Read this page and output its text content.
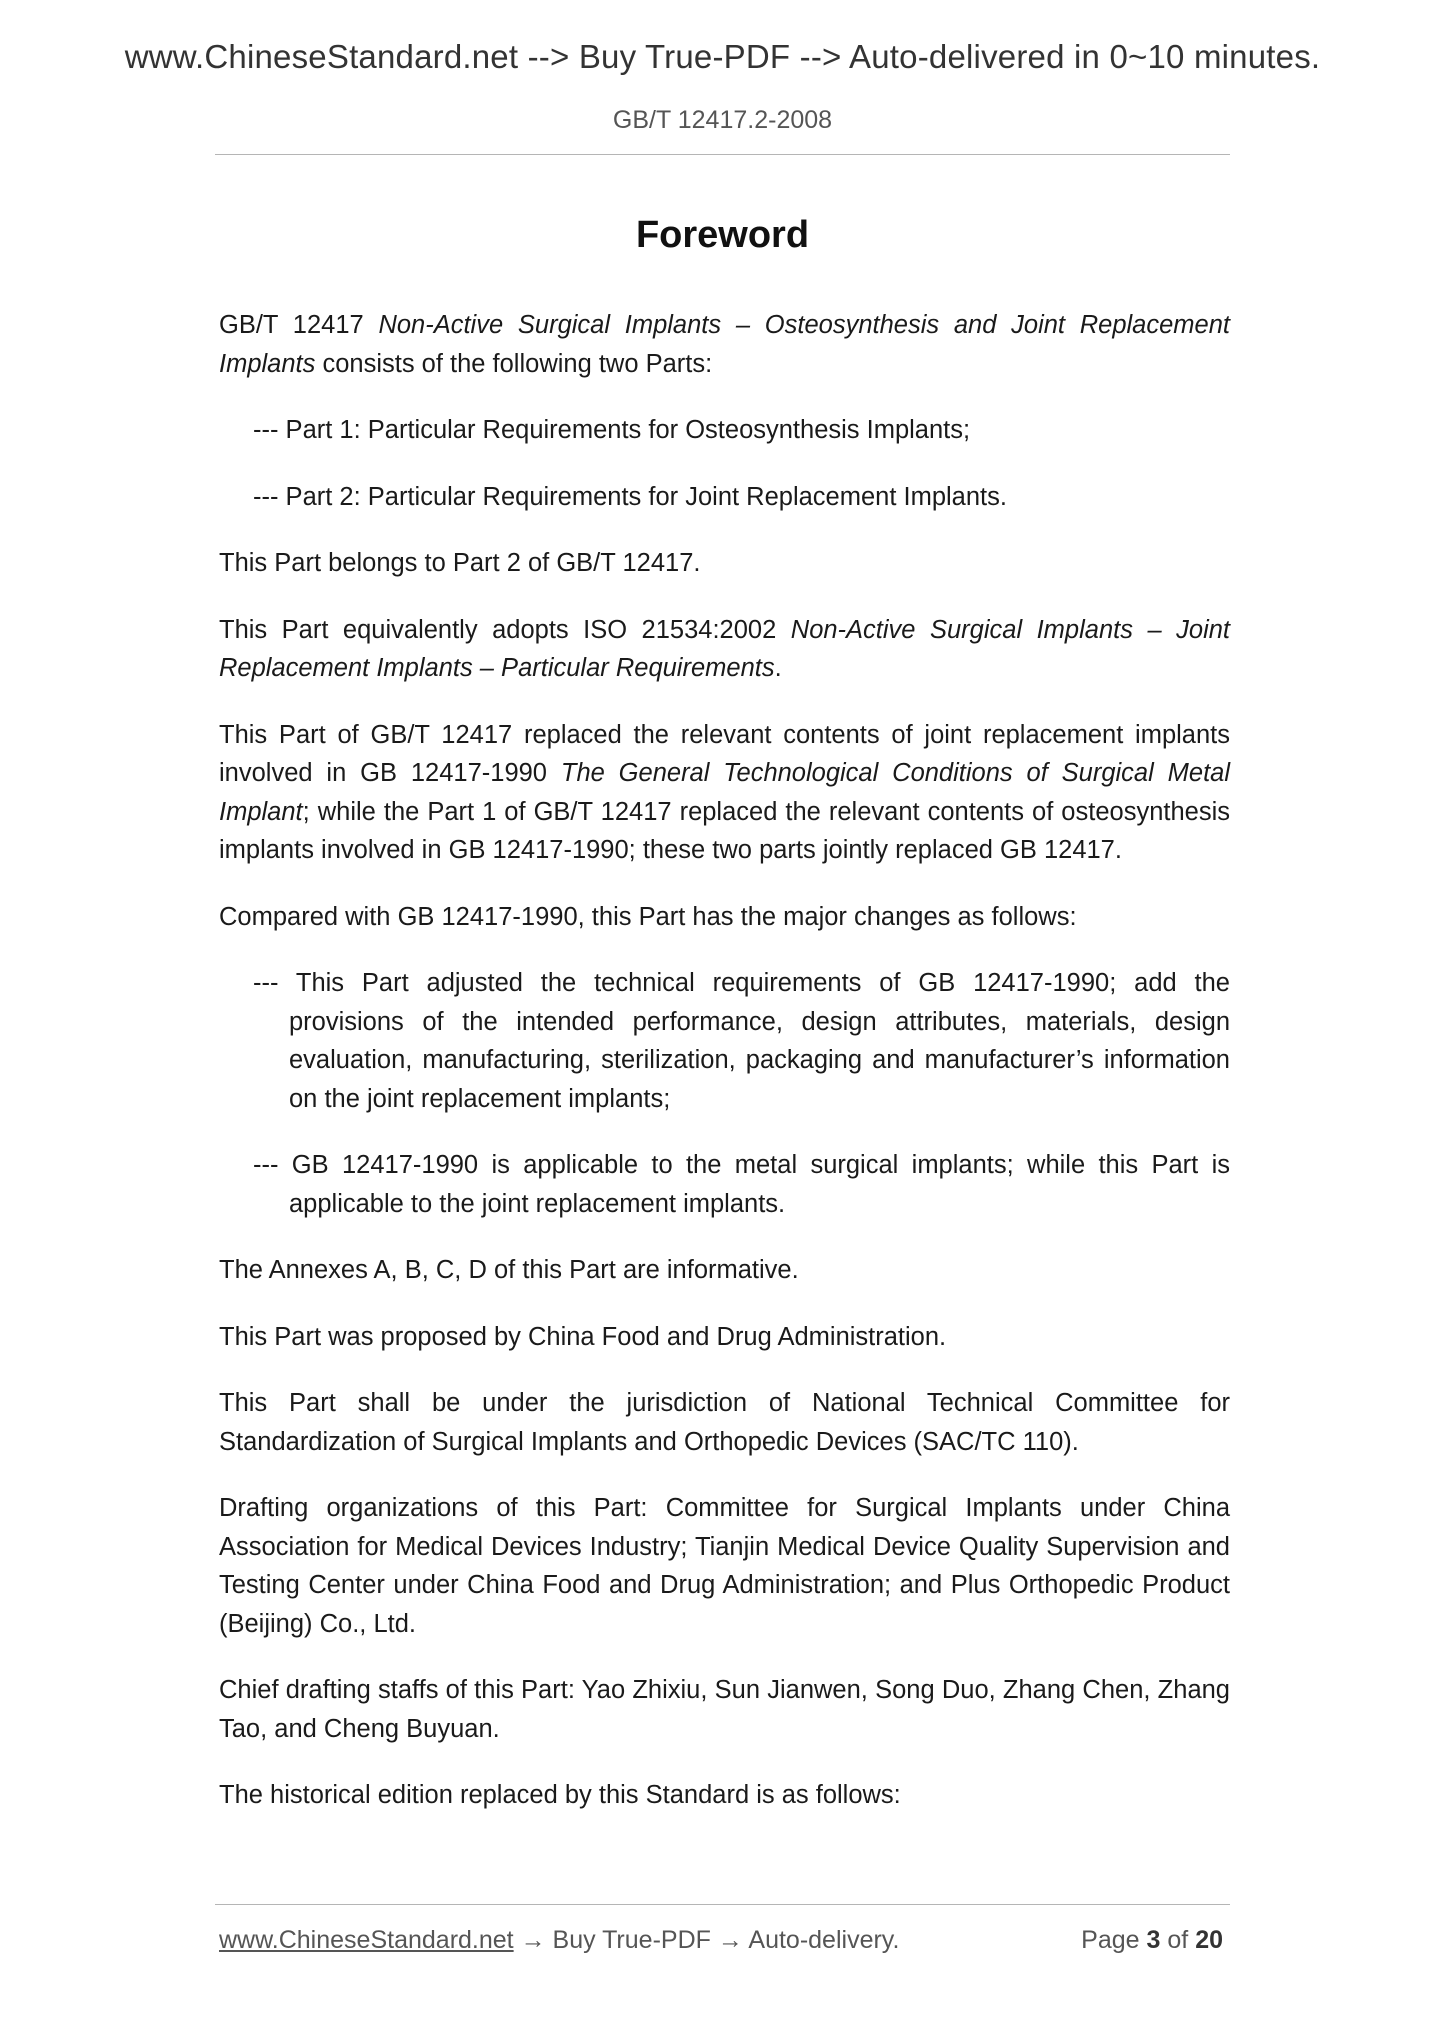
www.ChineseStandard.net --> Buy True-PDF --> Auto-delivered in 0~10 minutes.
GB/T 12417.2-2008
Foreword

GB/T 12417 Non-Active Surgical Implants – Osteosynthesis and Joint Replacement Implants consists of the following two Parts:

--- Part 1: Particular Requirements for Osteosynthesis Implants;

--- Part 2: Particular Requirements for Joint Replacement Implants.

This Part belongs to Part 2 of GB/T 12417.

This Part equivalently adopts ISO 21534:2002 Non-Active Surgical Implants – Joint Replacement Implants – Particular Requirements.

This Part of GB/T 12417 replaced the relevant contents of joint replacement implants involved in GB 12417-1990 The General Technological Conditions of Surgical Metal Implant; while the Part 1 of GB/T 12417 replaced the relevant contents of osteosynthesis implants involved in GB 12417-1990; these two parts jointly replaced GB 12417.

Compared with GB 12417-1990, this Part has the major changes as follows:

--- This Part adjusted the technical requirements of GB 12417-1990; add the provisions of the intended performance, design attributes, materials, design evaluation, manufacturing, sterilization, packaging and manufacturer’s information on the joint replacement implants;

--- GB 12417-1990 is applicable to the metal surgical implants; while this Part is applicable to the joint replacement implants.

The Annexes A, B, C, D of this Part are informative.

This Part was proposed by China Food and Drug Administration.

This Part shall be under the jurisdiction of National Technical Committee for Standardization of Surgical Implants and Orthopedic Devices (SAC/TC 110).

Drafting organizations of this Part: Committee for Surgical Implants under China Association for Medical Devices Industry; Tianjin Medical Device Quality Supervision and Testing Center under China Food and Drug Administration; and Plus Orthopedic Product (Beijing) Co., Ltd.

Chief drafting staffs of this Part: Yao Zhixiu, Sun Jianwen, Song Duo, Zhang Chen, Zhang Tao, and Cheng Buyuan.

The historical edition replaced by this Standard is as follows:

www.ChineseStandard.net → Buy True-PDF → Auto-delivery.	Page 3 of 20
